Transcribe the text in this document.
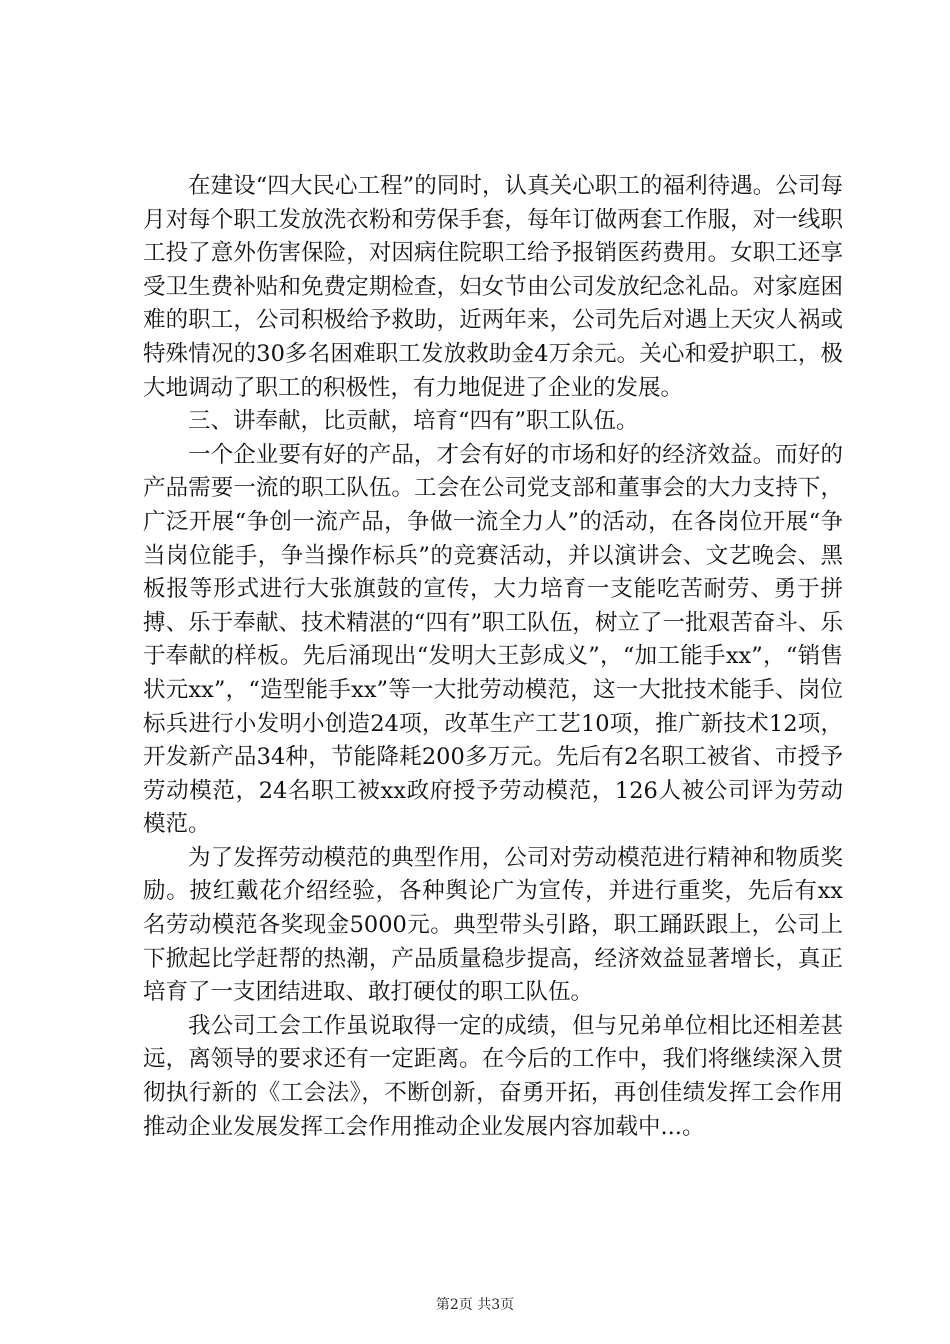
在建设“四大民心工程”的同时，认真关心职工的福利待遇。公司每月对每个职工发放洗衣粉和劳保手套，每年订做两套工作服，对一线职工投了意外伤害保险，对因病住院职工给予报销医药费用。女职工还享受卫生费补贴和免费定期检查，妇女节由公司发放纪念礼品。对家庭困难的职工，公司积极给予救助，近两年来，公司先后对遇上天灾人祸或特殊情况的30多名困难职工发放救助金4万余元。关心和爱护职工，极大地调动了职工的积极性，有力地促进了企业的发展。

三、讲奉献，比贡献，培育“四有”职工队伍。

一个企业要有好的产品，才会有好的市场和好的经济效益。而好的产品需要一流的职工队伍。工会在公司党支部和董事会的大力支持下，广泛开展“争创一流产品，争做一流全力人”的活动，在各岗位开展“争当岗位能手，争当操作标兵”的竞赛活动，并以演讲会、文艺晚会、黑板报等形式进行大张旗鼓的宣传，大力培育一支能吃苦耐劳、勇于拼搏、乐于奉献、技术精湛的“四有”职工队伍，树立了一批艰苦奋斗、乐于奉献的样板。先后涌现出“发明大王彭成义”，“加工能手xx”，“销售状元xx”，“造型能手xx”等一大批劳动模范，这一大批技术能手、岗位标兵进行小发明小创造24项，改革生产工艺10项，推广新技术12项，开发新产品34种，节能降耗200多万元。先后有2名职工被省、市授予劳动模范，24名职工被xx政府授予劳动模范，126人被公司评为劳动模范。

为了发挥劳动模范的典型作用，公司对劳动模范进行精神和物质奖励。披红戴花介绍经验，各种舆论广为宣传，并进行重奖，先后有xx名劳动模范各奖现金5000元。典型带头引路，职工踊跃跟上，公司上下掀起比学赶帮的热潮，产品质量稳步提高，经济效益显著增长，真正培育了一支团结进取、敢打硬仗的职工队伍。

我公司工会工作虽说取得一定的成绩，但与兄弟单位相比还相差甚远，离领导的要求还有一定距离。在今后的工作中，我们将继续深入贯彻执行新的《工会法》，不断创新，奋勇开拓，再创佳绩发挥工会作用推动企业发展发挥工会作用推动企业发展内容加载中...。

第2页 共3页
